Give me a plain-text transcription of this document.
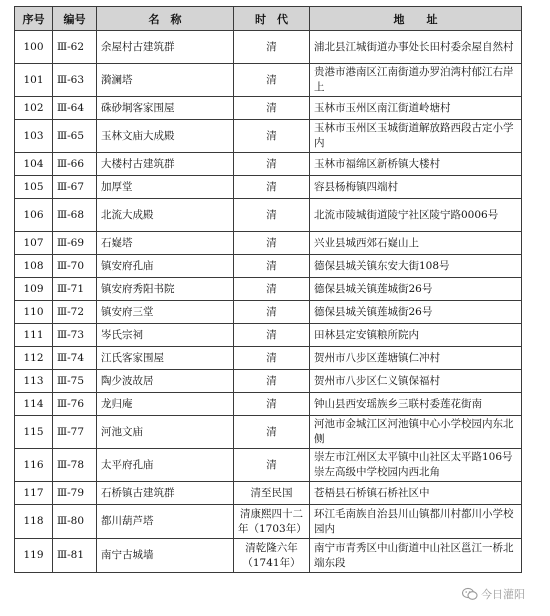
序号	编号	名　称	时　代	地　　址
100	Ⅲ-62	余屋村古建筑群	清	浦北县江城街道办事处长田村委余屋自然村
101	Ⅲ-63	漪澜塔	清	贵港市港南区江南街道办罗泊湾村郁江右岸上
102	Ⅲ-64	硃砂垌客家围屋	清	玉林市玉州区南江街道岭塘村
103	Ⅲ-65	玉林文庙大成殿	清	玉林市玉州区玉城街道解放路西段古定小学内
104	Ⅲ-66	大楼村古建筑群	清	玉林市福绵区新桥镇大楼村
105	Ⅲ-67	加厚堂	清	容县杨梅镇四端村
106	Ⅲ-68	北流大成殿	清	北流市陵城街道陵宁社区陵宁路0006号
107	Ⅲ-69	石嶷塔	清	兴业县城西郊石嶷山上
108	Ⅲ-70	镇安府孔庙	清	德保县城关镇东安大街108号
109	Ⅲ-71	镇安府秀阳书院	清	德保县城关镇莲城街26号
110	Ⅲ-72	镇安府三堂	清	德保县城关镇莲城街26号
111	Ⅲ-73	岑氏宗祠	清	田林县定安镇粮所院内
112	Ⅲ-74	江氏客家围屋	清	贺州市八步区莲塘镇仁冲村
113	Ⅲ-75	陶少波故居	清	贺州市八步区仁义镇保福村
114	Ⅲ-76	龙归庵	清	钟山县西安瑶族乡三联村委莲花街南
115	Ⅲ-77	河池文庙	清	河池市金城江区河池镇中心小学校园内东北侧
116	Ⅲ-78	太平府孔庙	清	崇左市江州区太平镇中山社区太平路106号崇左高级中学校园内西北角
117	Ⅲ-79	石桥镇古建筑群	清至民国	苍梧县石桥镇石桥社区中
118	Ⅲ-80	都川葫芦塔	清康熙四十二年（1703年）	环江毛南族自治县川山镇都川村都川小学校园内
119	Ⅲ-81	南宁古城墙	清乾隆六年（1741年）	南宁市青秀区中山街道中山社区邕江一桥北端东段
今日灌阳
